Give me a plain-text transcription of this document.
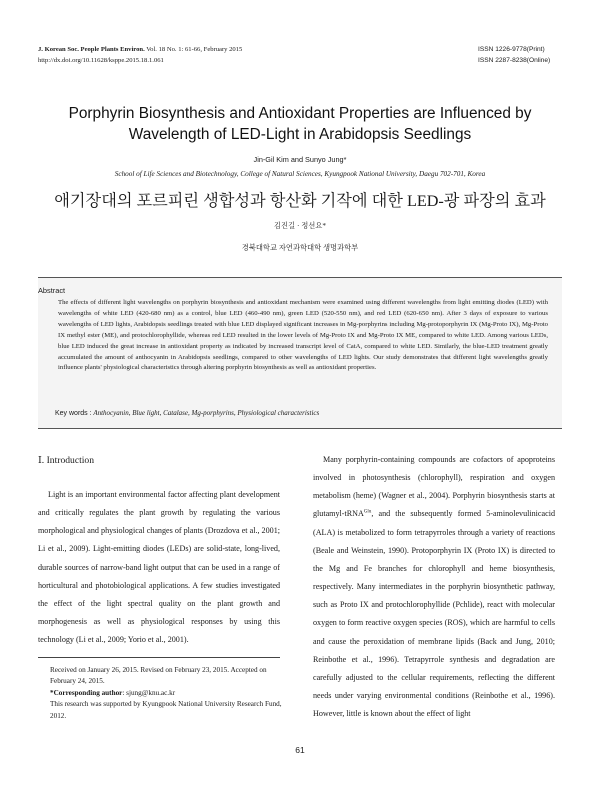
J. Korean Soc. People Plants Environ. Vol. 18 No. 1: 61-66, February 2015
http://dx.doi.org/10.11628/ksppe.2015.18.1.061
ISSN 1226-9778(Print)
ISSN 2287-8238(Online)
Porphyrin Biosynthesis and Antioxidant Properties are Influenced by
Wavelength of LED-Light in Arabidopsis Seedlings
Jin-Gil Kim and Sunyo Jung*
School of Life Sciences and Biotechnology, College of Natural Sciences, Kyungpook National University, Daegu 702-701, Korea
애기장대의 포르피린 생합성과 항산화 기작에 대한 LED-광 파장의 효과
김진길 · 정선요*
경북대학교 자연과학대학 생명과학부
Abstract
The effects of different light wavelengths on porphyrin biosynthesis and antioxidant mechanism were examined using different wavelengths from light emitting diodes (LED) with wavelengths of white LED (420-680 nm) as a control, blue LED (460-490 nm), green LED (520-550 nm), and red LED (620-650 nm). After 3 days of exposure to various wavelengths of LED lights, Arabidopsis seedlings treated with blue LED displayed significant increases in Mg-porphyrins including Mg-protoporphyrin IX (Mg-Proto IX), Mg-Proto IX methyl ester (ME), and protochlorophyllide, whereas red LED resulted in the lower levels of Mg-Proto IX and Mg-Proto IX ME, compared to white LED. Among various LEDs, blue LED induced the great increase in antioxidant property as indicated by increased transcript level of CatA, compared to white LED. Similarly, the blue-LED treatment greatly accumulated the amount of anthocyanin in Arabidopsis seedlings, compared to other wavelengths of LED lights. Our study demonstrates that different light wavelengths greatly influence plants' physiological characteristics through altering porphyrin biosynthesis as well as antioxidant properties.
Key words : Anthocyanin, Blue light, Catalase, Mg-porphyrins, Physiological characteristics
Ⅰ. Introduction
Light is an important environmental factor affecting plant development and critically regulates the plant growth by regulating the various morphological and physiological changes of plants (Drozdova et al., 2001; Li et al., 2009). Light-emitting diodes (LEDs) are solid-state, long-lived, durable sources of narrow-band light output that can be used in a range of horticultural and photobiological applications. A few studies investigated the effect of the light spectral quality on the plant growth and morphogenesis as well as physiological responses by using this technology (Li et al., 2009; Yorio et al., 2001).
Many porphyrin-containing compounds are cofactors of apoproteins involved in photosynthesis (chlorophyll), respiration and oxygen metabolism (heme) (Wagner et al., 2004). Porphyrin biosynthesis starts at glutamyl-tRNA$^{Glu}$, and the subsequently formed 5-aminolevulinicacid (ALA) is metabolized to form tetrapyrroles through a variety of reactions (Beale and Weinstein, 1990). Protoporphyrin IX (Proto IX) is directed to the Mg and Fe branches for chlorophyll and heme biosynthesis, respectively. Many intermediates in the porphyrin biosynthetic pathway, such as Proto IX and protochlorophyllide (Pchlide), react with molecular oxygen to form reactive oxygen species (ROS), which are harmful to cells and cause the peroxidation of membrane lipids (Back and Jung, 2010; Reinbothe et al., 1996). Tetrapyrrole synthesis and degradation are carefully adjusted to the cellular requirements, reflecting the different needs under varying environmental conditions (Reinbothe et al., 1996). However, little is known about the effect of light
Received on January 26, 2015. Revised on February 23, 2015. Accepted on February 24, 2015.
*Corresponding author: sjung@knu.ac.kr
This research was supported by Kyungpook National University Research Fund, 2012.
61
